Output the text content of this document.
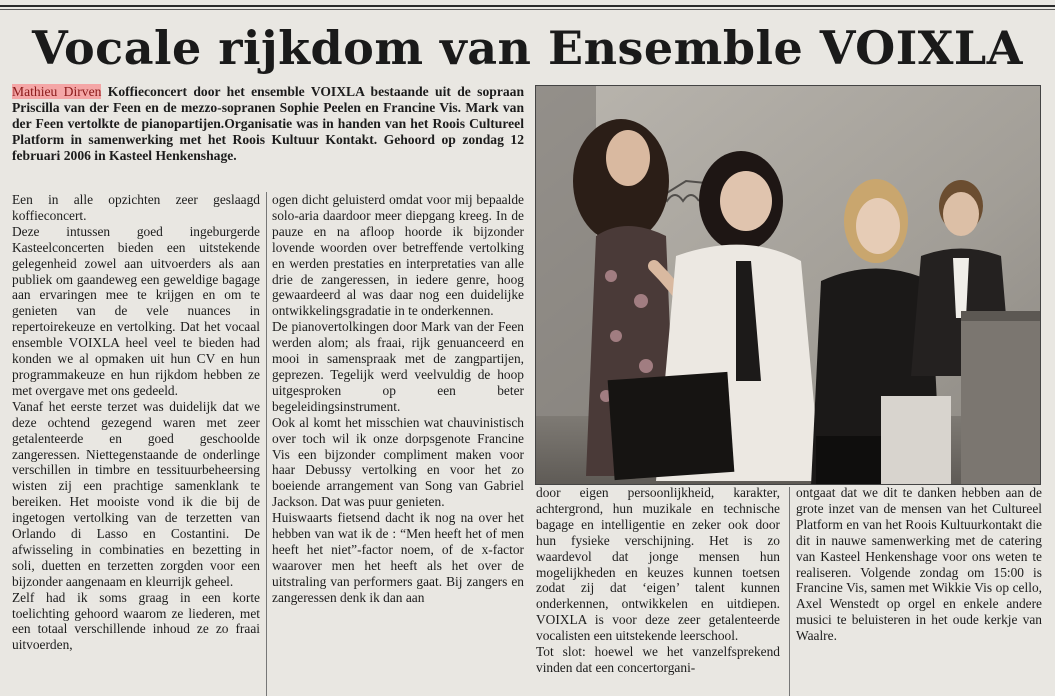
Vocale rijkdom van Ensemble VOIXLA
Mathieu Dirven Koffieconcert door het ensemble VOIXLA bestaande uit de sopraan Priscilla van der Feen en de mezzo-sopranen Sophie Peelen en Francine Vis. Mark van der Feen vertolkte de pianopartijen.Organisatie was in handen van het Roois Cultureel Platform in samenwerking met het Roois Kultuur Kontakt. Gehoord op zondag 12 februari 2006 in Kasteel Henkenshage.

Een in alle opzichten zeer geslaagd koffieconcert.

Deze intussen goed ingeburgerde Kasteelconcerten bieden een uitstekende gelegenheid zowel aan uitvoerders als aan publiek om gaandeweg een geweldige bagage aan ervaringen mee te krijgen en om te genieten van de vele nuances in repertoirekeuze en vertolking. Dat het vocaal ensemble VOIXLA heel veel te bieden had konden we al opmaken uit hun CV en hun programmakeuze en hun rijkdom hebben ze met overgave met ons gedeeld.

Vanaf het eerste terzet was duidelijk dat we deze ochtend gezegend waren met zeer getalenteerde en goed geschoolde zangeressen. Niettegenstaande de onderlinge verschillen in timbre en tessituurbeheersing wisten zij een prachtige samenklank te bereiken. Het mooiste vond ik die bij de ingetogen vertolking van de terzetten van Orlando di Lasso en Costantini. De afwisseling in combinaties en bezetting in soli, duetten en terzetten zorgden voor een bijzonder aangenaam en kleurrijk geheel.

Zelf had ik soms graag in een korte toelichting gehoord waarom ze liederen, met een totaal verschillende inhoud ze zo fraai uitvoerden,

ogen dicht geluisterd omdat voor mij bepaalde solo-aria daardoor meer diepgang kreeg. In de pauze en na afloop hoorde ik bijzonder lovende woorden over betreffende vertolking en werden prestaties en interpretaties van alle drie de zangeressen, in iedere genre, hoog gewaardeerd al was daar nog een duidelijke ontwikkelingsgradatie in te onderkennen.

De pianovertolkingen door Mark van der Feen werden alom; als fraai, rijk genuanceerd en mooi in samenspraak met de zangpartijen, geprezen. Tegelijk werd veelvuldig de hoop uitgesproken op een beter begeleidingsinstrument.

Ook al komt het misschien wat chauvinistisch over toch wil ik onze dorpsgenote Francine Vis een bijzonder compliment maken voor haar Debussy vertolking en voor het zo boeiende arrangement van Song van Gabriel Jackson. Dat was puur genieten.

Huiswaarts fietsend dacht ik nog na over het hebben van wat ik de : “Men heeft het of men heeft het niet”-factor noem, of de x-factor waarover men het heeft als het over de uitstraling van performers gaat. Bij zangers en zangeressen denk ik dan aan

door eigen persoonlijkheid, karakter, achtergrond, hun muzikale en technische bagage en intelligentie en zeker ook door hun fysieke verschijning. Het is zo waardevol dat jonge mensen hun mogelijkheden en keuzes kunnen toetsen zodat zij dat ‘eigen’ talent kunnen onderkennen, ontwikkelen en uitdiepen. VOIXLA is voor deze zeer getalenteerde vocalisten een uitstekende leerschool.

Tot slot: hoewel we het vanzelfsprekend vinden dat een concertorgani-

ontgaat dat we dit te danken hebben aan de grote inzet van de mensen van het Cultureel Platform en van het Roois Kultuurkontakt die dit in nauwe samenwerking met de catering van Kasteel Henkenshage voor ons weten te realiseren. Volgende zondag om 15:00 is Francine Vis, samen met Wikkie Vis op cello, Axel Wenstedt op orgel en enkele andere musici te beluisteren in het oude kerkje van Waalre.
